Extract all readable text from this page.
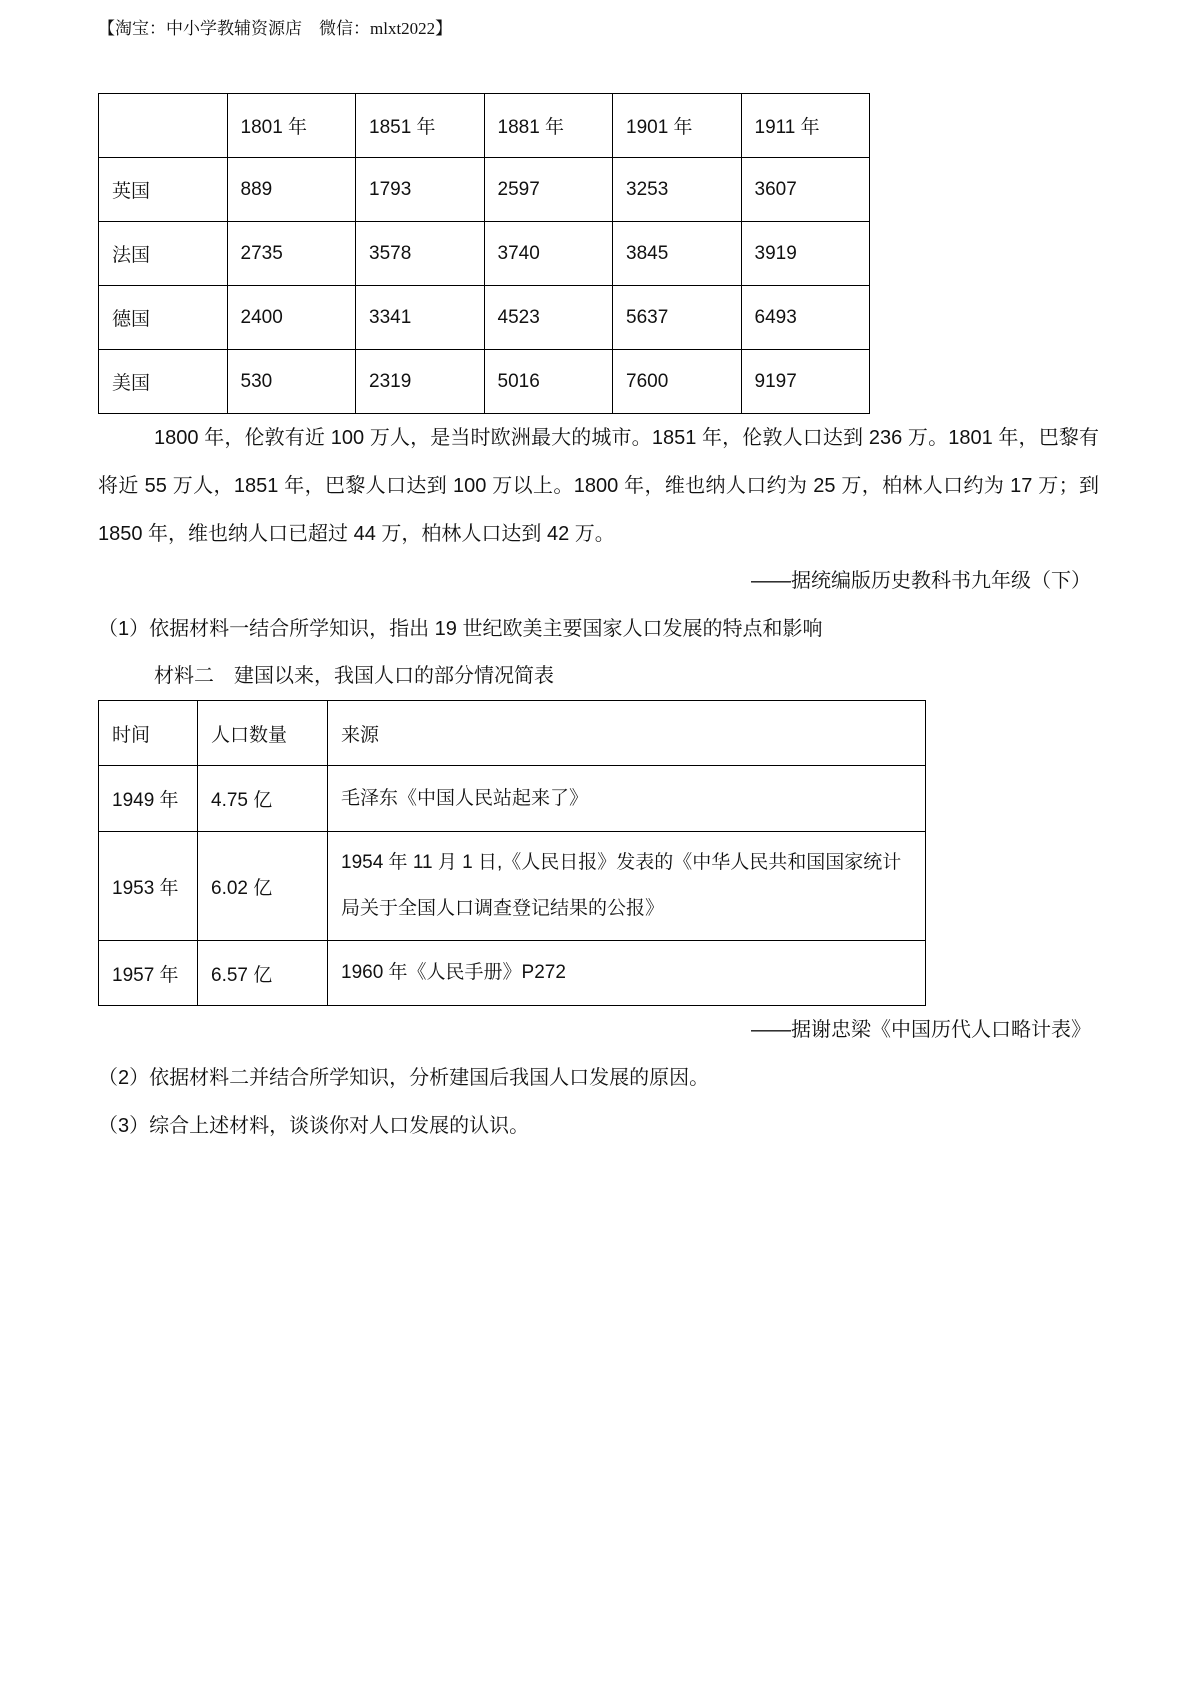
【淘宝：中小学教辅资源店　微信：mlxt2022】
	1801 年	1851 年	1881 年	1901 年	1911 年
英国	889	1793	2597	3253	3607
法国	2735	3578	3740	3845	3919
德国	2400	3341	4523	5637	6493
美国	530	2319	5016	7600	9197

1800 年，伦敦有近 100 万人，是当时欧洲最大的城市。1851 年，伦敦人口达到 236 万。1801 年，巴黎有将近 55 万人，1851 年，巴黎人口达到 100 万以上。1800 年，维也纳人口约为 25 万，柏林人口约为 17 万；到 1850 年，维也纳人口已超过 44 万，柏林人口达到 42 万。

——据统编版历史教科书九年级（下）
（1）依据材料一结合所学知识，指出 19 世纪欧美主要国家人口发展的特点和影响
材料二　建国以来，我国人口的部分情况简表
时间	人口数量	来源
1949 年	4.75 亿	毛泽东《中国人民站起来了》
1953 年	6.02 亿	1954 年 11 月 1 日,《人民日报》发表的《中华人民共和国国家统计局关于全国人口调查登记结果的公报》
1957 年	6.57 亿	1960 年《人民手册》P272
——据谢忠梁《中国历代人口略计表》
（2）依据材料二并结合所学知识，分析建国后我国人口发展的原因。
（3）综合上述材料，谈谈你对人口发展的认识。
